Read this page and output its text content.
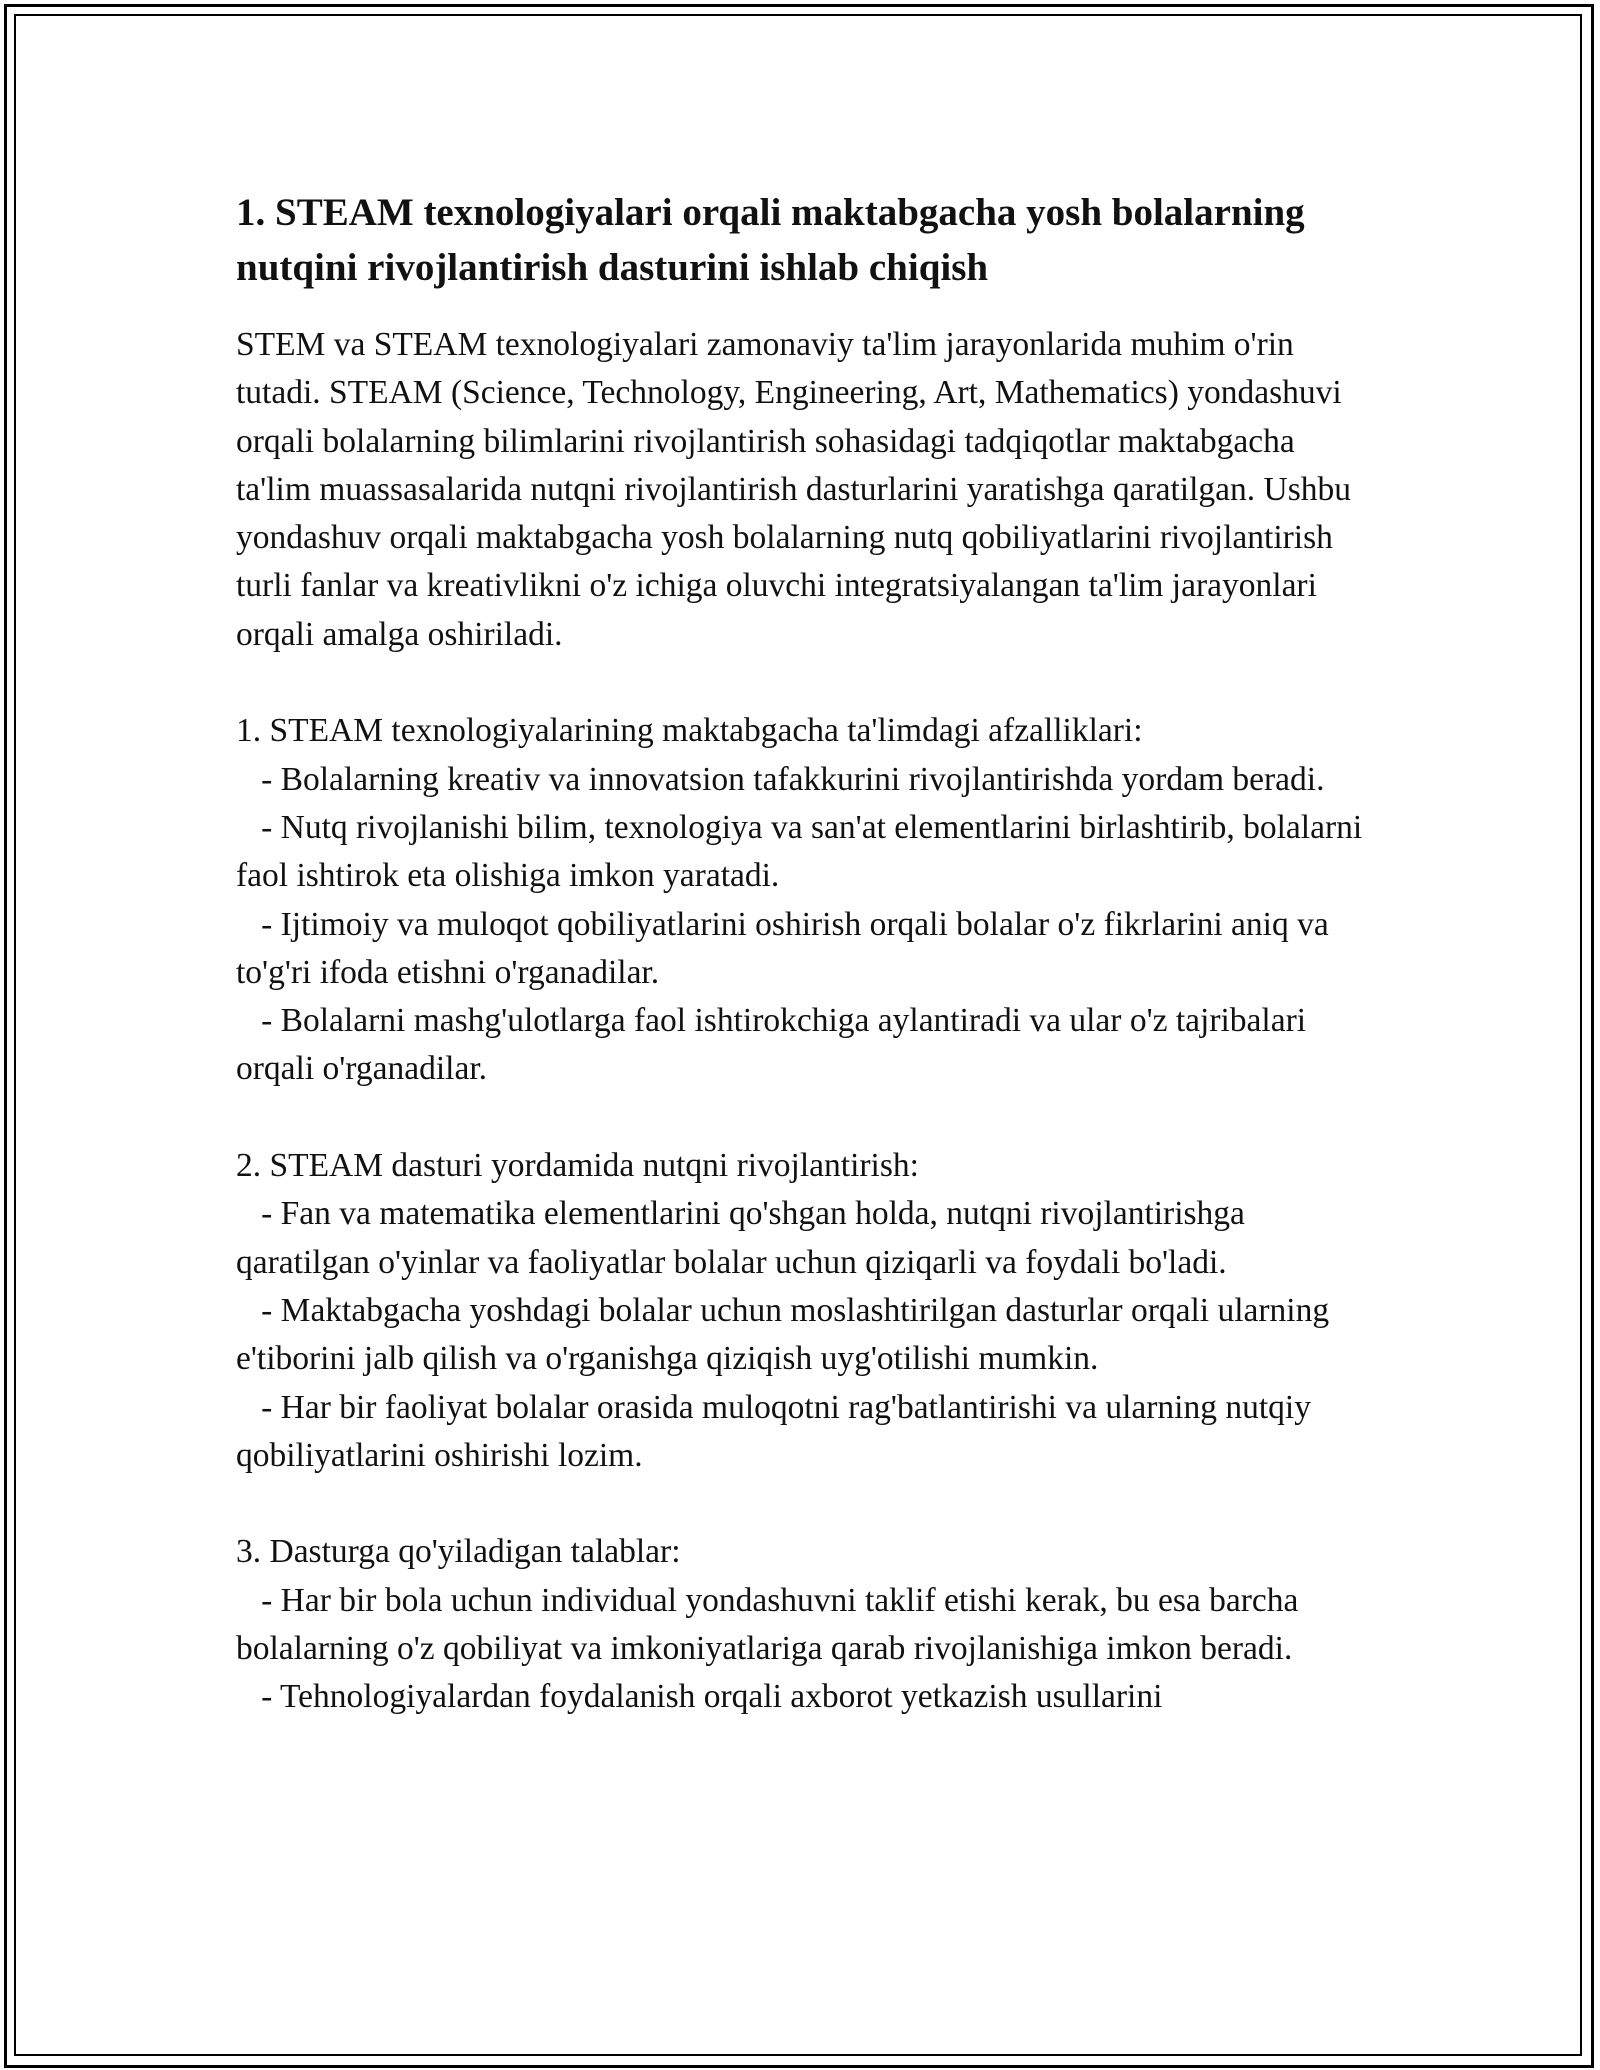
1. STEAM texnologiyalari orqali maktabgacha yosh bolalarning nutqini rivojlantirish dasturini ishlab chiqish

STEM va STEAM texnologiyalari zamonaviy ta'lim jarayonlarida muhim o'rin tutadi. STEAM (Science, Technology, Engineering, Art, Mathematics) yondashuvi orqali bolalarning bilimlarini rivojlantirish sohasidagi tadqiqotlar maktabgacha ta'lim muassasalarida nutqni rivojlantirish dasturlarini yaratishga qaratilgan. Ushbu yondashuv orqali maktabgacha yosh bolalarning nutq qobiliyatlarini rivojlantirish turli fanlar va kreativlikni o'z ichiga oluvchi integratsiyalangan ta'lim jarayonlari orqali amalga oshiriladi.

1. STEAM texnologiyalarining maktabgacha ta'limdagi afzalliklari:

- Bolalarning kreativ va innovatsion tafakkurini rivojlantirishda yordam beradi.
- Nutq rivojlanishi bilim, texnologiya va san'at elementlarini birlashtirib, bolalarni faol ishtirok eta olishiga imkon yaratadi.
- Ijtimoiy va muloqot qobiliyatlarini oshirish orqali bolalar o'z fikrlarini aniq va to'g'ri ifoda etishni o'rganadilar.
- Bolalarni mashg'ulotlarga faol ishtirokchiga aylantiradi va ular o'z tajribalari orqali o'rganadilar.

2. STEAM dasturi yordamida nutqni rivojlantirish:

- Fan va matematika elementlarini qo'shgan holda, nutqni rivojlantirishga qaratilgan o'yinlar va faoliyatlar bolalar uchun qiziqarli va foydali bo'ladi.
- Maktabgacha yoshdagi bolalar uchun moslashtirilgan dasturlar orqali ularning e'tiborini jalb qilish va o'rganishga qiziqish uyg'otilishi mumkin.
- Har bir faoliyat bolalar orasida muloqotni rag'batlantirishi va ularning nutqiy qobiliyatlarini oshirishi lozim.

3. Dasturga qo'yiladigan talablar:

- Har bir bola uchun individual yondashuvni taklif etishi kerak, bu esa barcha bolalarning o'z qobiliyat va imkoniyatlariga qarab rivojlanishiga imkon beradi.
- Tehnologiyalardan foydalanish orqali axborot yetkazish usullarini
